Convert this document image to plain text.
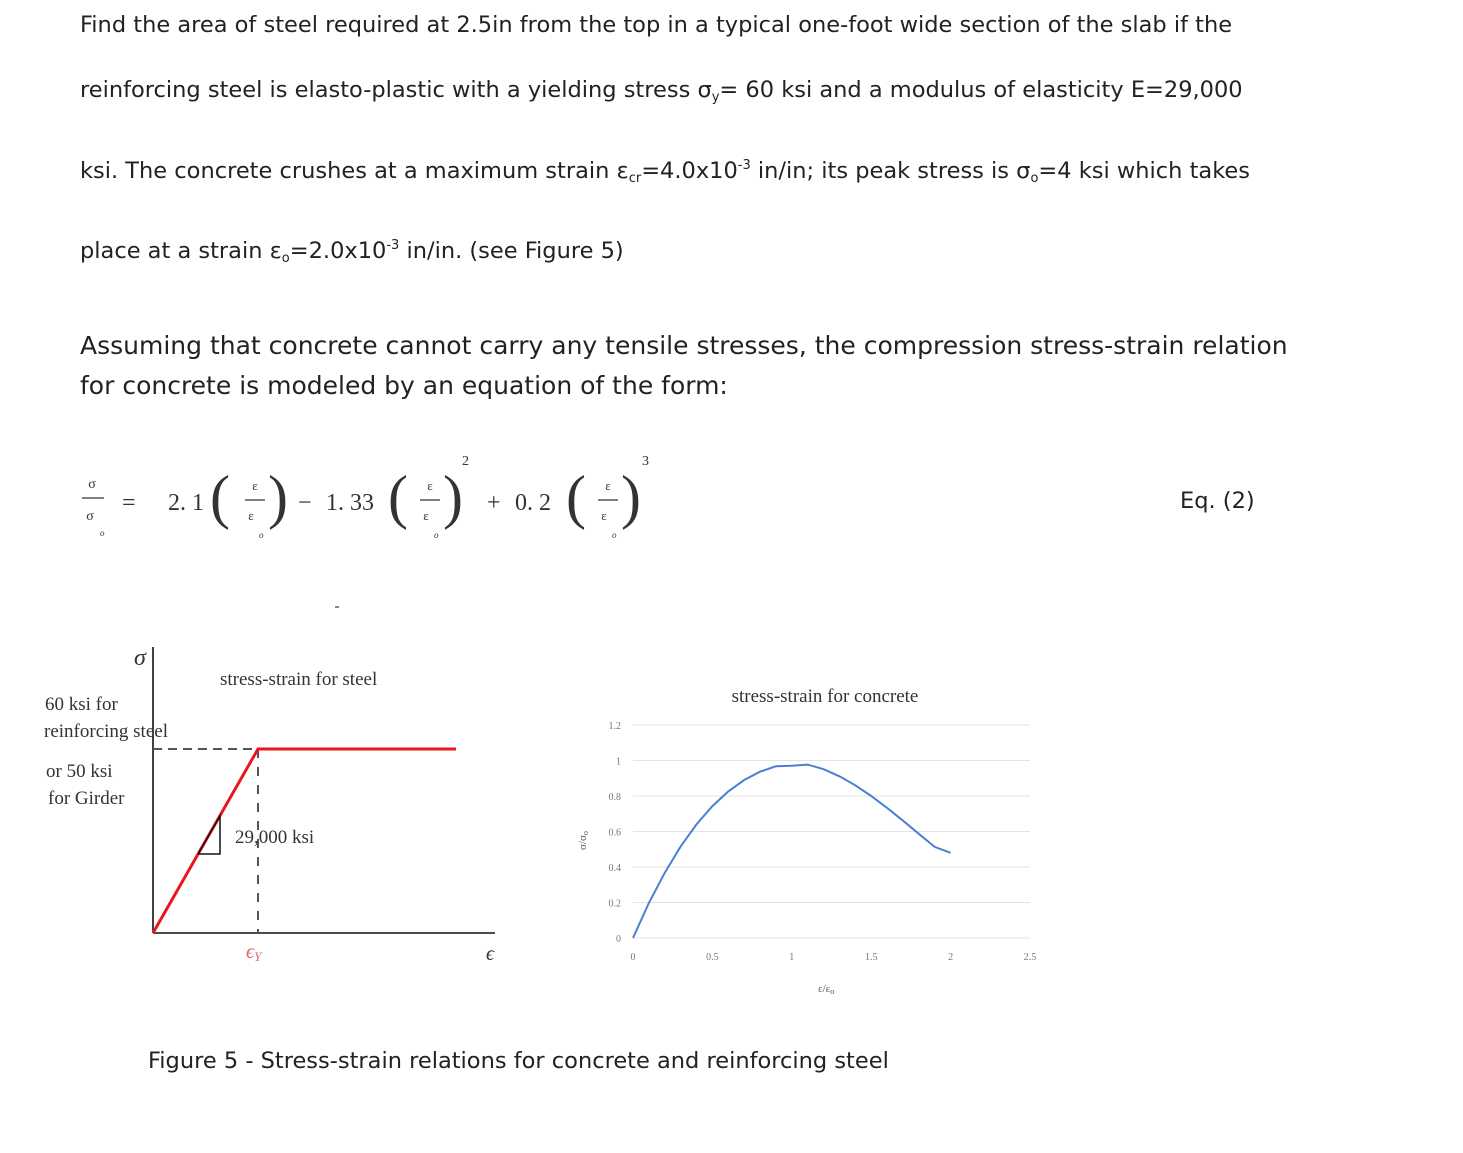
Find the area of steel required at 2.5in from the top in a typical one-foot wide section of the slab if the
reinforcing steel is elasto-plastic with a yielding stress $\sigma_y= 60$ ksi and a modulus of elasticity E=29,000
ksi. The concrete crushes at a maximum strain $\varepsilon_{cr}=4.0x10^{-3}$ in/in; its peak stress is $\sigma_o=4$ ksi which takes
place at a strain $\varepsilon_o=2.0x10^{-3}$ in/in. (see Figure 5)
Assuming that concrete cannot carry any tensile stresses, the compression stress-strain relation
for concrete is modeled by an equation of the form:
σ
σ
o
= 2. 1 ( ε
ε
o
) − 1. 33 ( ε
ε
o
)
2
+ 0. 2 ( ε
ε
o
)
3
Eq. (2)
σ
stress-strain for steel
60 ksi for
reinforcing steel
or 50 ksi
for Girder
29,000 ksi
ϵY	ϵ
stress-strain for concrete
0
0.2
0.4
0.6
0.8
1
1.2
0	0.5	1	1.5	2	2.5
σ/σo
ε/εo
Figure 5 - Stress-strain relations for concrete and reinforcing steel
